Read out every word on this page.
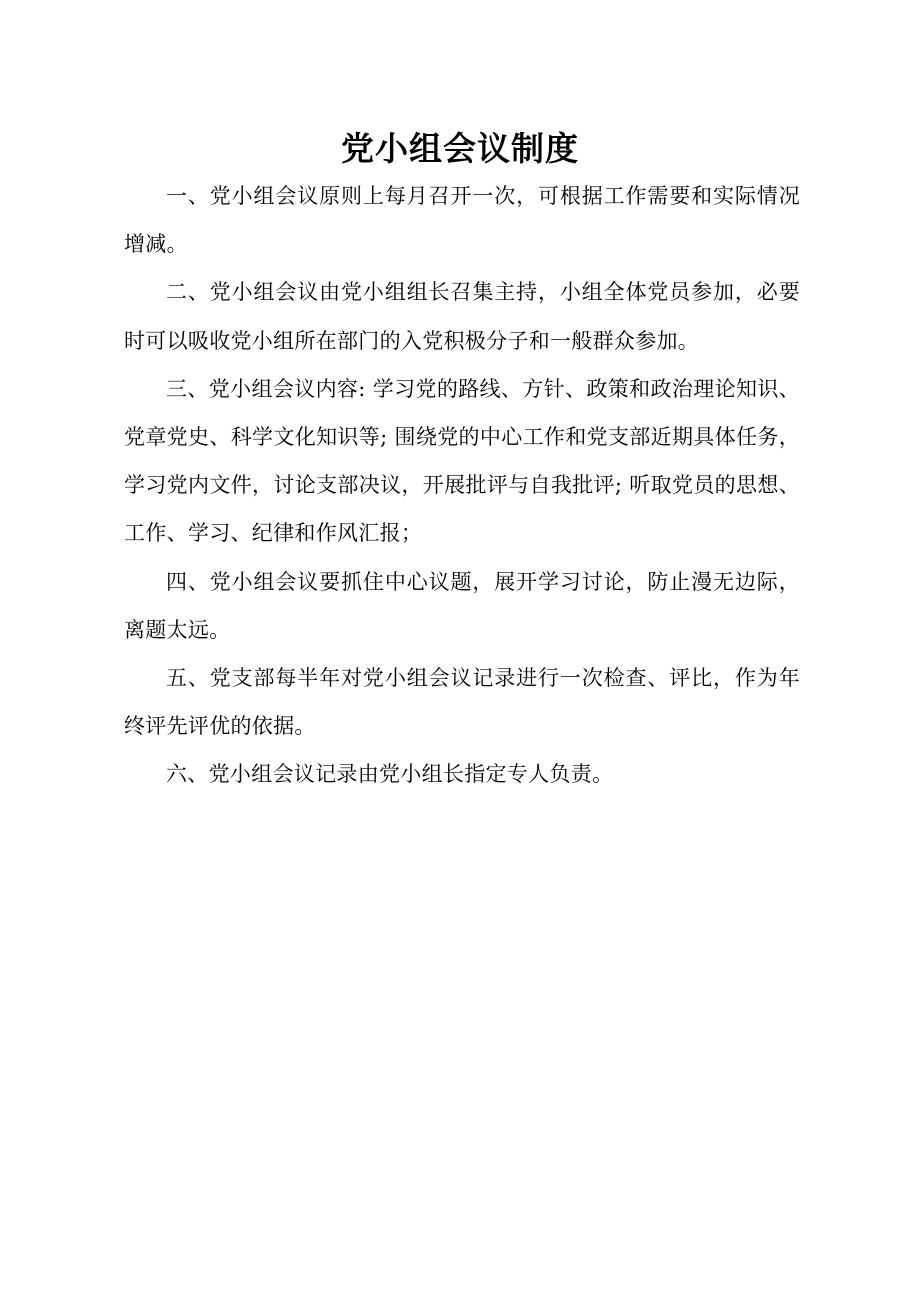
党小组会议制度

一、党小组会议原则上每月召开一次，可根据工作需要和实际情况增减。

二、党小组会议由党小组组长召集主持，小组全体党员参加，必要时可以吸收党小组所在部门的入党积极分子和一般群众参加。

三、党小组会议内容: 学习党的路线、方针、政策和政治理论知识、党章党史、科学文化知识等; 围绕党的中心工作和党支部近期具体任务，学习党内文件，讨论支部决议，开展批评与自我批评; 听取党员的思想、工作、学习、纪律和作风汇报；

四、党小组会议要抓住中心议题，展开学习讨论，防止漫无边际，离题太远。

五、党支部每半年对党小组会议记录进行一次检查、评比，作为年终评先评优的依据。

六、党小组会议记录由党小组长指定专人负责。
